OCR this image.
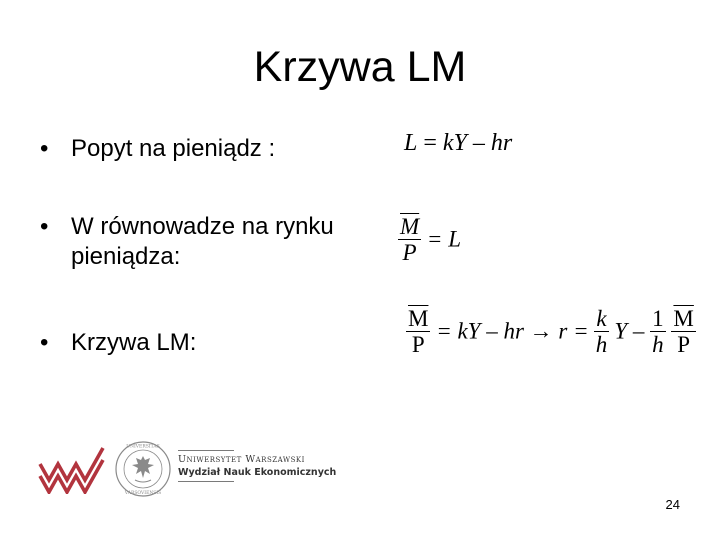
Krzywa LM
• Popyt na pieniądz :
• W równowadze na rynku pieniądza:
• Krzywa LM:
L = kY – hr
$\frac{\overline{M}}{P} = L$
$\frac{\overline{M}}{P}$ = kY – hr → $r = \frac{k}{h}$ Y – $\frac{1}{h}$
$\frac{\overline{M}}{P}$
UNIVERSITAS
VARSOVIENSIS
Uniwersytet Warszawski
Wydział Nauk Ekonomicznych
24
